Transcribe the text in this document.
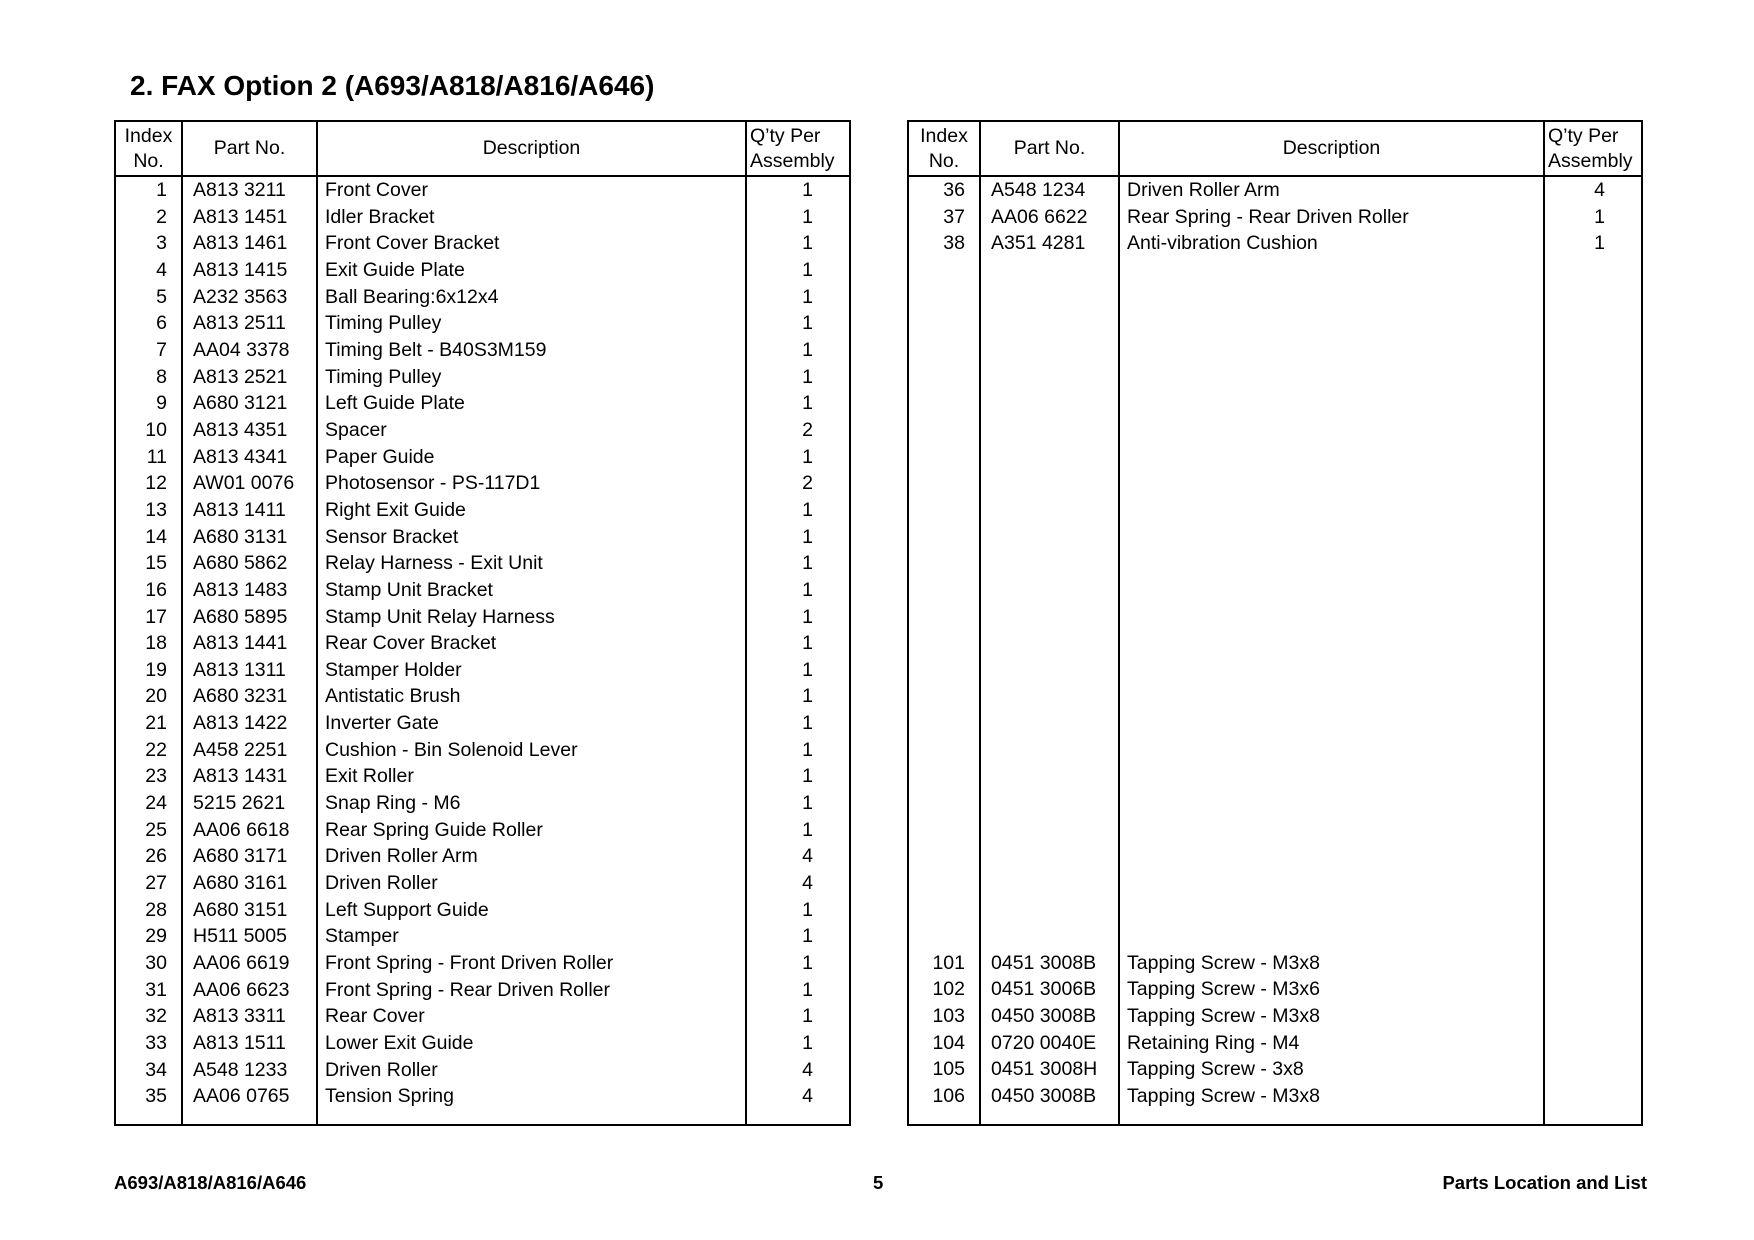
2. FAX Option 2 (A693/A818/A816/A646)
Index
No.	Part No.	Description	Q’ty Per
Assembly
1	A813 3211	Front Cover	1
2	A813 1451	Idler Bracket	1
3	A813 1461	Front Cover Bracket	1
4	A813 1415	Exit Guide Plate	1
5	A232 3563	Ball Bearing:6x12x4	1
6	A813 2511	Timing Pulley	1
7	AA04 3378	Timing Belt - B40S3M159	1
8	A813 2521	Timing Pulley	1
9	A680 3121	Left Guide Plate	1
10	A813 4351	Spacer	2
11	A813 4341	Paper Guide	1
12	AW01 0076	Photosensor - PS-117D1	2
13	A813 1411	Right Exit Guide	1
14	A680 3131	Sensor Bracket	1
15	A680 5862	Relay Harness - Exit Unit	1
16	A813 1483	Stamp Unit Bracket	1
17	A680 5895	Stamp Unit Relay Harness	1
18	A813 1441	Rear Cover Bracket	1
19	A813 1311	Stamper Holder	1
20	A680 3231	Antistatic Brush	1
21	A813 1422	Inverter Gate	1
22	A458 2251	Cushion - Bin Solenoid Lever	1
23	A813 1431	Exit Roller	1
24	5215 2621	Snap Ring - M6	1
25	AA06 6618	Rear Spring Guide Roller	1
26	A680 3171	Driven Roller Arm	4
27	A680 3161	Driven Roller	4
28	A680 3151	Left Support Guide	1
29	H511 5005	Stamper	1
30	AA06 6619	Front Spring - Front Driven Roller	1
31	AA06 6623	Front Spring - Rear Driven Roller	1
32	A813 3311	Rear Cover	1
33	A813 1511	Lower Exit Guide	1
34	A548 1233	Driven Roller	4
35	AA06 0765	Tension Spring	4

Index
No.	Part No.	Description	Q’ty Per
Assembly
36	A548 1234	Driven Roller Arm	4
37	AA06 6622	Rear Spring - Rear Driven Roller	1
38	A351 4281	Anti-vibration Cushion	1

101	0451 3008B	Tapping Screw - M3x8	
102	0451 3006B	Tapping Screw - M3x6	
103	0450 3008B	Tapping Screw - M3x8	
104	0720 0040E	Retaining Ring - M4	
105	0451 3008H	Tapping Screw - 3x8	
106	0450 3008B	Tapping Screw - M3x8	

A693/A818/A816/A646	5	Parts Location and List
